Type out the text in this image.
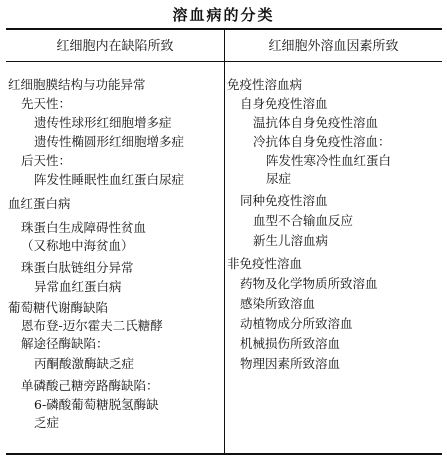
溶血病的分类
红细胞内在缺陷所致	红细胞外溶血因素所致
红细胞膜结构与功能异常
先天性：
遗传性球形红细胞增多症
遗传性椭圆形红细胞增多症
后天性：
阵发性睡眠性血红蛋白尿症
血红蛋白病
珠蛋白生成障碍性贫血
（又称地中海贫血）
珠蛋白肽链组分异常
异常血红蛋白病
葡萄糖代谢酶缺陷
恩布登-迈尔霍夫二氏糖酵
解途径酶缺陷：
丙酮酸激酶缺乏症
单磷酸己糖旁路酶缺陷：
6-磷酸葡萄糖脱氢酶缺
乏症
免疫性溶血病
自身免疫性溶血
温抗体自身免疫性溶血
冷抗体自身免疫性溶血：
阵发性寒冷性血红蛋白
尿症
同种免疫性溶血
血型不合输血反应
新生儿溶血病
非免疫性溶血
药物及化学物质所致溶血
感染所致溶血
动植物成分所致溶血
机械损伤所致溶血
物理因素所致溶血
